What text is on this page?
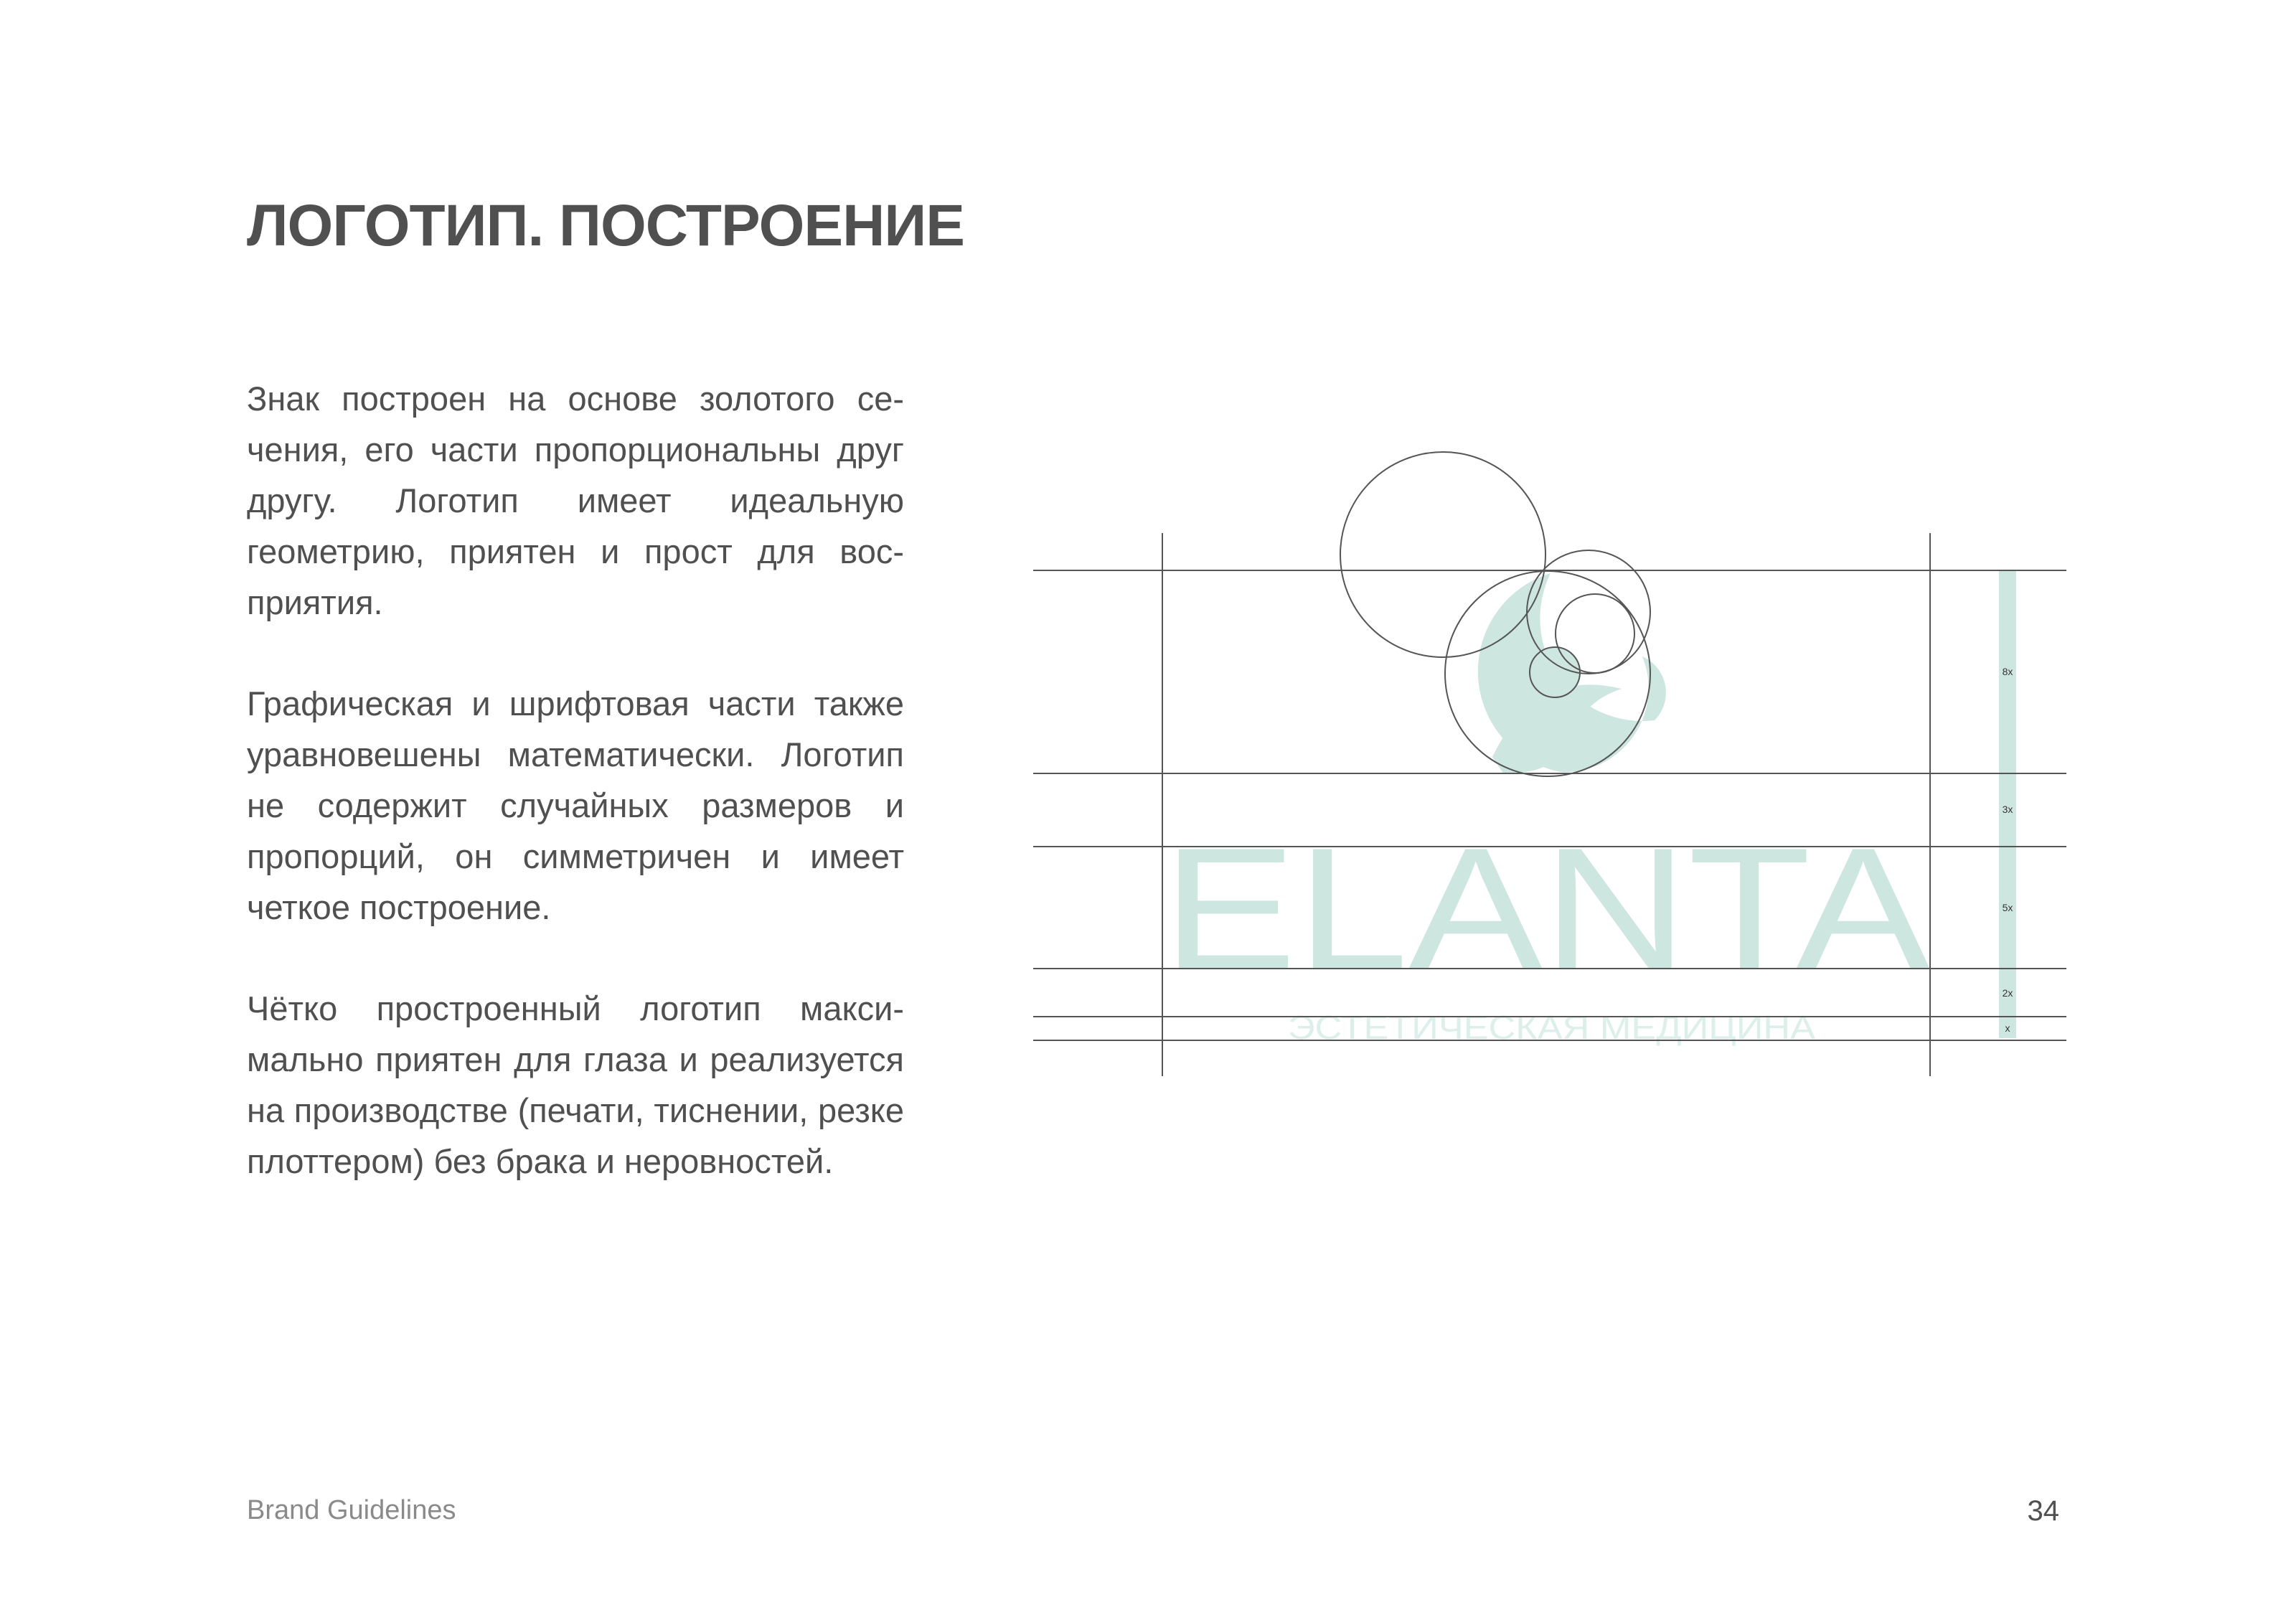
ЛОГОТИП. ПОСТРОЕНИЕ

Знак построен на основе золотого сечения, его части пропорциональны друг другу. Логотип имеет идеальную геометрию, приятен и прост для восприятия.

Графическая и шрифтовая части также уравновешены математически. Логотип не содержит случайных размеров и пропорций, он симметричен и имеет четкое построение.

Чётко простроенный логотип максимально приятен для глаза и реализуется на производстве (печати, тиснении, резке плоттером) без брака и неровностей.

ELANTA
ЭСТЕТИЧЕСКАЯ МЕДИЦИНА
8x
3x
5x
2x
x
Brand Guidelines	34
